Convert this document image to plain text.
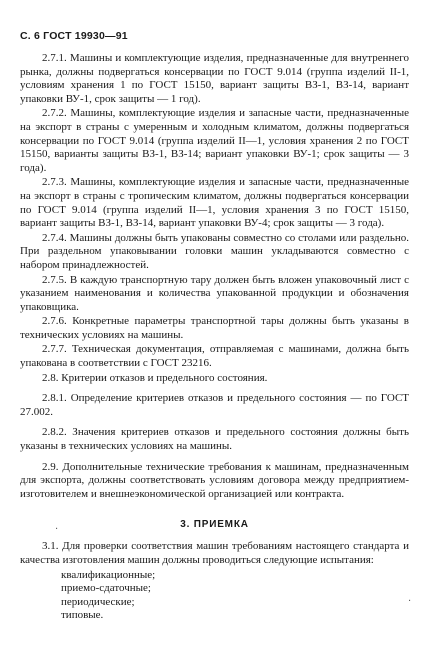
С. 6 ГОСТ 19930—91

2.7.1. Машины и комплектующие изделия, предназначенные для внутреннего рынка, должны подвергаться консервации по ГОСТ 9.014 (группа изделий II-1, условиям хранения 1 по ГОСТ 15150, вариант защиты ВЗ-1, ВЗ-14, вариант упаковки ВУ-1, срок защиты — 1 год).

2.7.2. Машины, комплектующие изделия и запасные части, предназначенные на экспорт в страны с умеренным и холодным климатом, должны подвергаться консервации по ГОСТ 9.014 (группа изделий II—1, условия хранения 2 по ГОСТ 15150, варианты защиты ВЗ-1, ВЗ-14; вариант упаковки ВУ-1; срок защиты — 3 года).

2.7.3. Машины, комплектующие изделия и запасные части, предназначенные на экспорт в страны с тропическим климатом, должны подвергаться консервации по ГОСТ 9.014 (группа изделий II—1, условия хранения 3 по ГОСТ 15150, вариант защиты ВЗ-1, ВЗ-14, вариант упаковки ВУ-4; срок защиты — 3 года).

2.7.4. Машины должны быть упакованы совместно со столами или раздельно. При раздельном упаковывании головки машин укладываются совместно с набором принадлежностей.

2.7.5. В каждую транспортную тару должен быть вложен упаковочный лист с указанием наименования и количества упакованной продукции и обозначения упаковщика.

2.7.6. Конкретные параметры транспортной тары должны быть указаны в технических условиях на машины.

2.7.7. Техническая документация, отправляемая с машинами, должна быть упакована в соответствии с ГОСТ 23216.

2.8. Критерии отказов и предельного состояния.

2.8.1. Определение критериев отказов и предельного состояния — по ГОСТ 27.002.

2.8.2. Значения критериев отказов и предельного состояния должны быть указаны в технических условиях на машины.

2.9. Дополнительные технические требования к машинам, предназначенным для экспорта, должны соответствовать условиям договора между предприятием-изготовителем и внешнеэкономической организацией или контракта.

3. ПРИЕМКА

3.1. Для проверки соответствия машин требованиям настоящего стандарта и качества изготовления машин должны проводиться следующие испытания:

квалификационные;
приемо-сдаточные;
периодические;
типовые.
·
·
